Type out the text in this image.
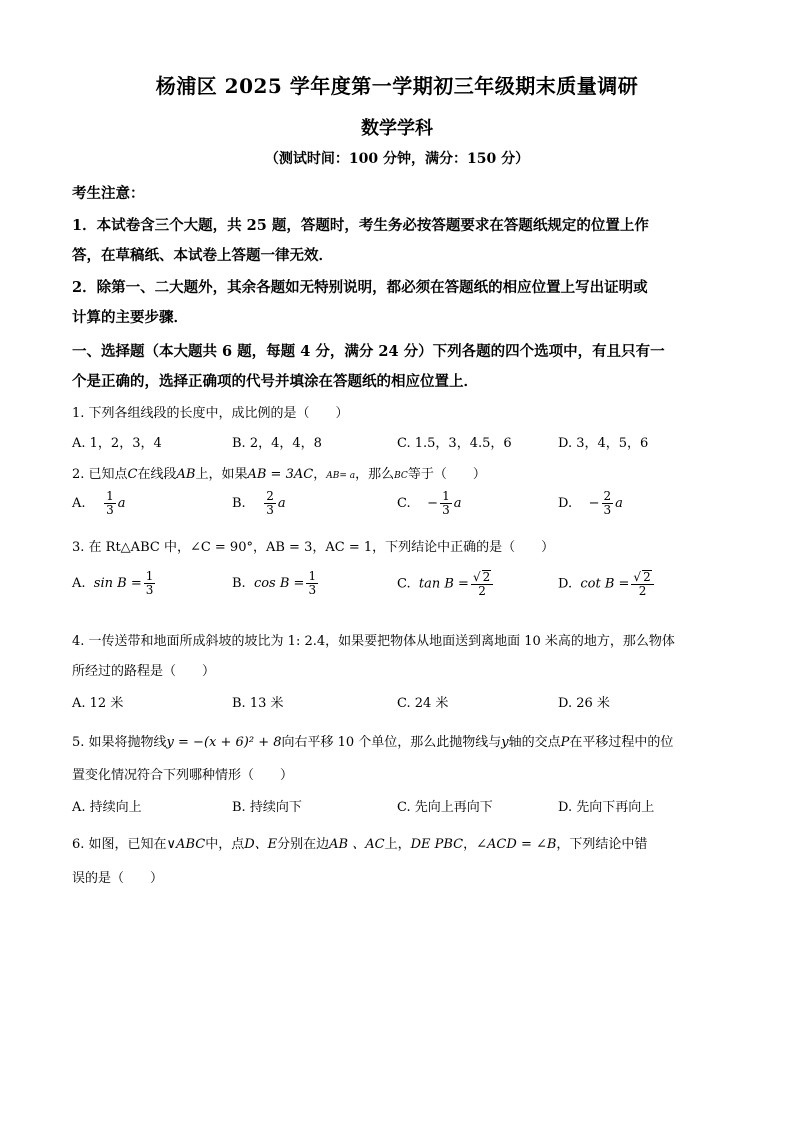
杨浦区 2025 学年度第一学期初三年级期末质量调研
数学学科
（测试时间：100 分钟，满分：150 分）
考生注意：
1．本试卷含三个大题，共 25 题，答题时，考生务必按答题要求在答题纸规定的位置上作
答，在草稿纸、本试卷上答题一律无效．
2．除第一、二大题外，其余各题如无特别说明，都必须在答题纸的相应位置上写出证明或
计算的主要步骤．
一、选择题（本大题共 6 题，每题 4 分，满分 24 分）下列各题的四个选项中，有且只有一
个是正确的，选择正确项的代号并填涂在答题纸的相应位置上．
1. 下列各组线段的长度中，成比例的是（　　）
A. 1，2，3，4	B. 2，4，4，8	C. 1.5，3，4.5，6	D. 3，4，5，6
2. 已知点C在线段AB上，如果AB = 3AC，AB= a，那么BC等于（　　）
A. $\frac{1}{3}$ a	B. $\frac{2}{3}$ a	C. − $\frac{1}{3}$ a	D. − $\frac{2}{3}$ a
3. 在 Rt△ABC 中，∠C = 90°，AB = 3，AC = 1，下列结论中正确的是（　　）
A. $\sin B = \frac{1}{3}$	B. $\cos B = \frac{1}{3}$	C. $\tan B = \frac{√ 2}{2}$	D. $\cot B = \frac{√ 2}{2}$
4. 一传送带和地面所成斜坡的坡比为 1: 2.4，如果要把物体从地面送到离地面 10 米高的地方，那么物体
所经过的路程是（　　）
A. 12 米	B. 13 米	C. 24 米	D. 26 米
5. 如果将抛物线y = −(x + 6)² + 8向右平移 10 个单位，那么此抛物线与y轴的交点P在平移过程中的位
置变化情况符合下列哪种情形（　　）
A. 持续向上	B. 持续向下	C. 先向上再向下	D. 先向下再向上
6. 如图，已知在∨ABC中，点D、E分别在边AB 、AC上，DE PBC，∠ACD = ∠B，下列结论中错
误的是（　　）
